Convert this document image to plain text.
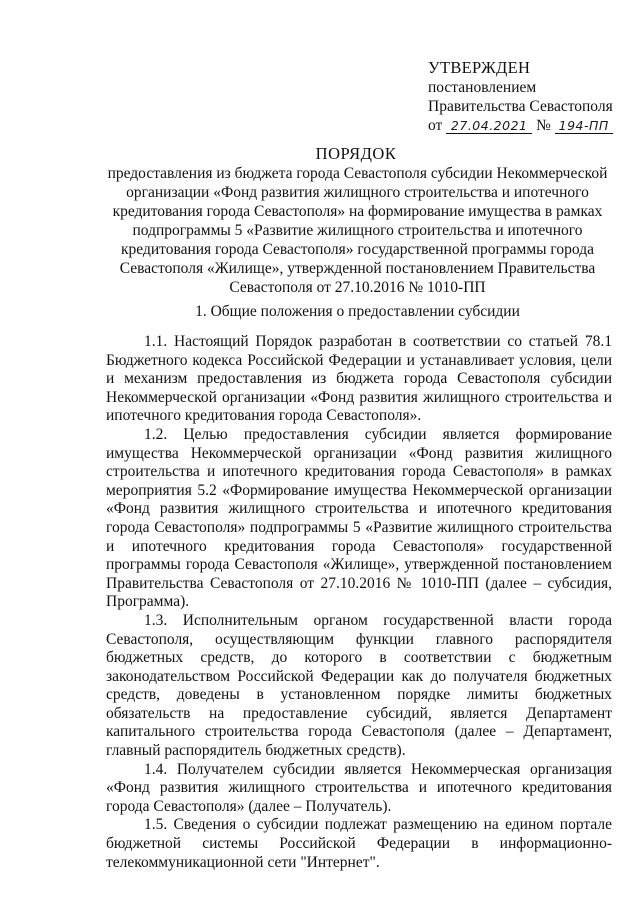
УТВЕРЖДЕН
постановлением
Правительства Севастополя
от 27.04.2021 № 194-ПП
ПОРЯДОК
предоставления из бюджета города Севастополя субсидии Некоммерческой организации «Фонд развития жилищного строительства и ипотечного кредитования города Севастополя» на формирование имущества в рамках подпрограммы 5 «Развитие жилищного строительства и ипотечного кредитования города Севастополя» государственной программы города Севастополя «Жилище», утвержденной постановлением Правительства Севастополя от 27.10.2016 № 1010-ПП
1. Общие положения о предоставлении субсидии

1.1. Настоящий Порядок разработан в соответствии со статьей 78.1 Бюджетного кодекса Российской Федерации и устанавливает условия, цели и механизм предоставления из бюджета города Севастополя субсидии Некоммерческой организации «Фонд развития жилищного строительства и ипотечного кредитования города Севастополя».

1.2. Целью предоставления субсидии является формирование имущества Некоммерческой организации «Фонд развития жилищного строительства и ипотечного кредитования города Севастополя» в рамках мероприятия 5.2 «Формирование имущества Некоммерческой организации «Фонд развития жилищного строительства и ипотечного кредитования города Севастополя» подпрограммы 5 «Развитие жилищного строительства и ипотечного кредитования города Севастополя» государственной программы города Севастополя «Жилище», утвержденной постановлением Правительства Севастополя от 27.10.2016 № 1010-ПП (далее – субсидия, Программа).

1.3. Исполнительным органом государственной власти города Севастополя, осуществляющим функции главного распорядителя бюджетных средств, до которого в соответствии с бюджетным законодательством Российской Федерации как до получателя бюджетных средств, доведены в установленном порядке лимиты бюджетных обязательств на предоставление субсидий, является Департамент капитального строительства города Севастополя (далее – Департамент, главный распорядитель бюджетных средств).

1.4. Получателем субсидии является Некоммерческая организация «Фонд развития жилищного строительства и ипотечного кредитования города Севастополя» (далее – Получатель).

1.5. Сведения о субсидии подлежат размещению на едином портале бюджетной системы Российской Федерации в информационно-телекоммуникационной сети "Интернет".
